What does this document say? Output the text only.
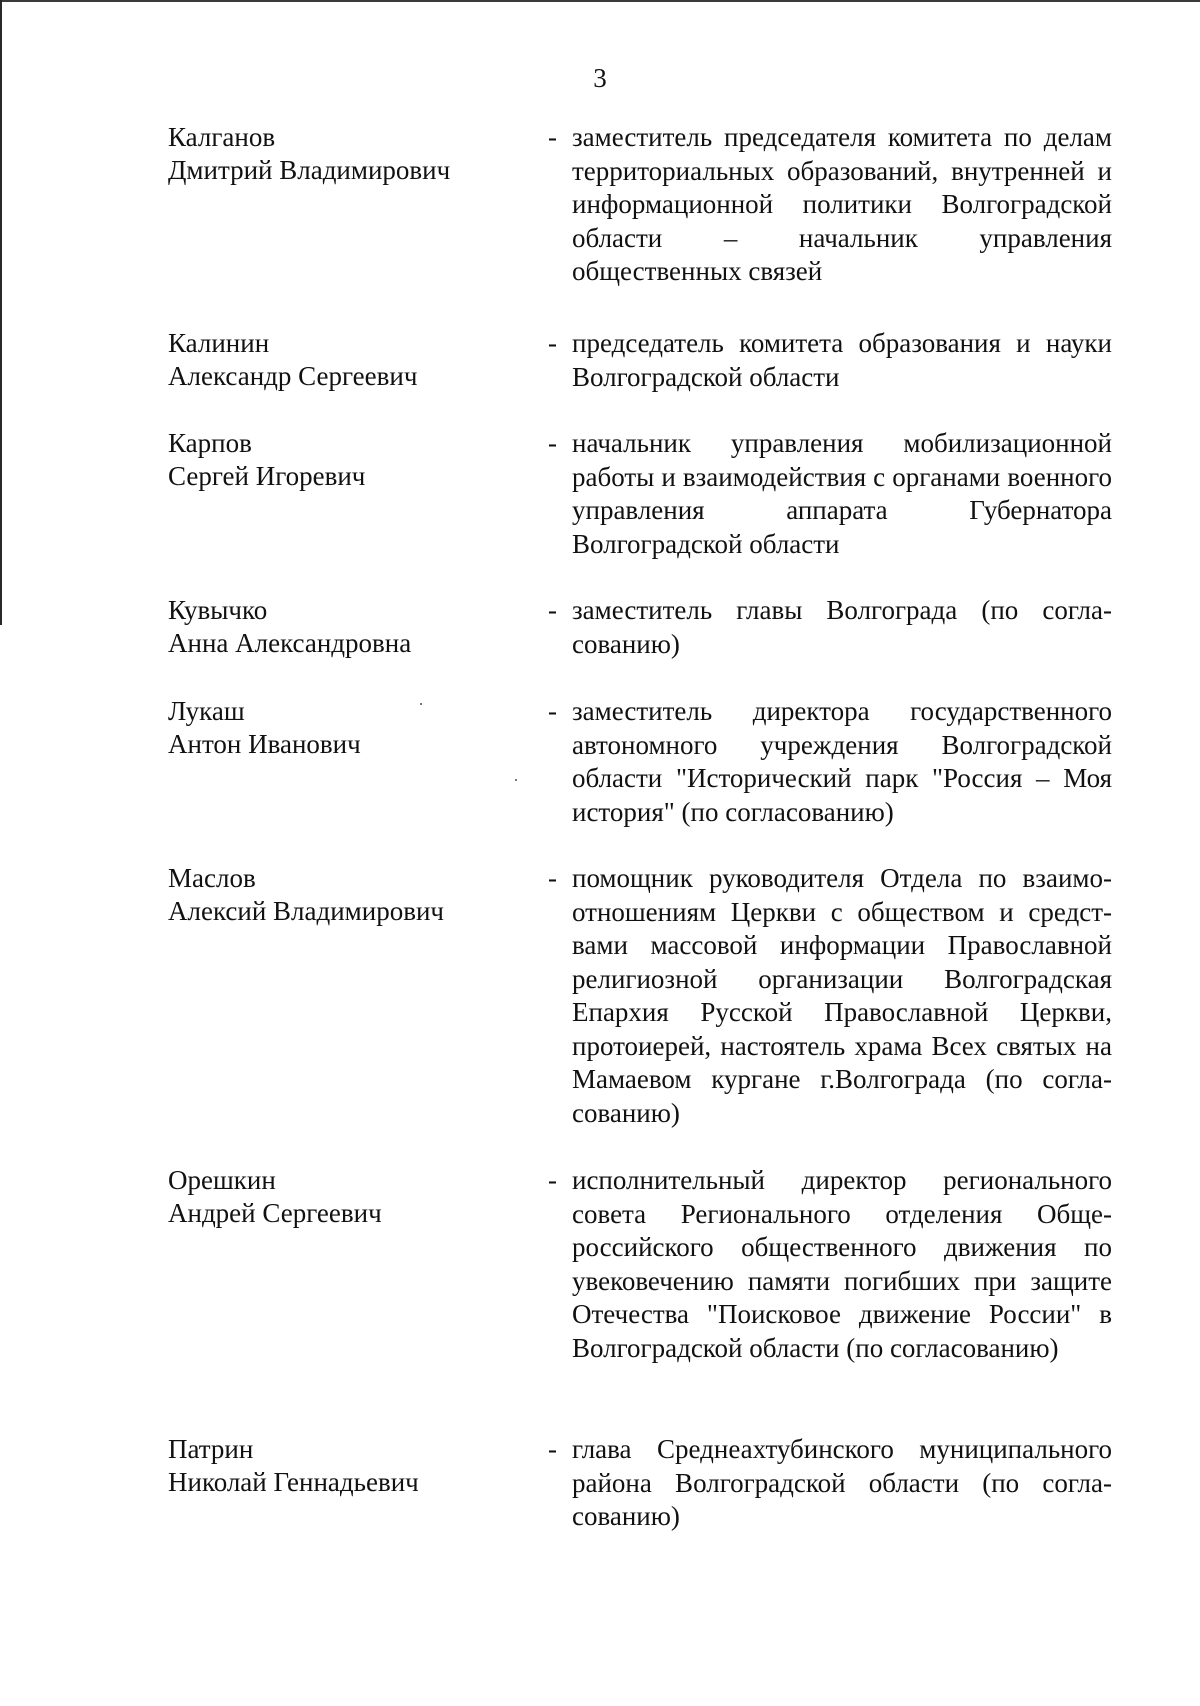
3
Калганов
Дмитрий Владимирович
- заместитель председателя комитета по делам территориальных образований, внутренней и информационной политики Волгоградской области – начальник управления общественных связей
Калинин
Александр Сергеевич
- председатель комитета образования и науки Волгоградской области
Карпов
Сергей Игоревич
- начальник управления мобилизационной работы и взаимодействия с органами военного управления аппарата Губернатора Волгоградской области
Кувычко
Анна Александровна
- заместитель главы Волгограда (по согласованию)
Лукаш
Антон Иванович
- заместитель директора государственного автономного учреждения Волгоградской области "Исторический парк "Россия – Моя история" (по согласованию)
Маслов
Алексий Владимирович
- помощник руководителя Отдела по взаимоотношениям Церкви с обществом и средствами массовой информации Православной религиозной организации Волгоградская Епархия Русской Православной Церкви, протоиерей, настоятель храма Всех святых на Мамаевом кургане г.Волгограда (по согласованию)
Орешкин
Андрей Сергеевич
- исполнительный директор регионального совета Регионального отделения Общероссийского общественного движения по увековечению памяти погибших при защите Отечества "Поисковое движение России" в Волгоградской области (по согласованию)
Патрин
Николай Геннадьевич
- глава Среднеахтубинского муниципального района Волгоградской области (по согласованию)
